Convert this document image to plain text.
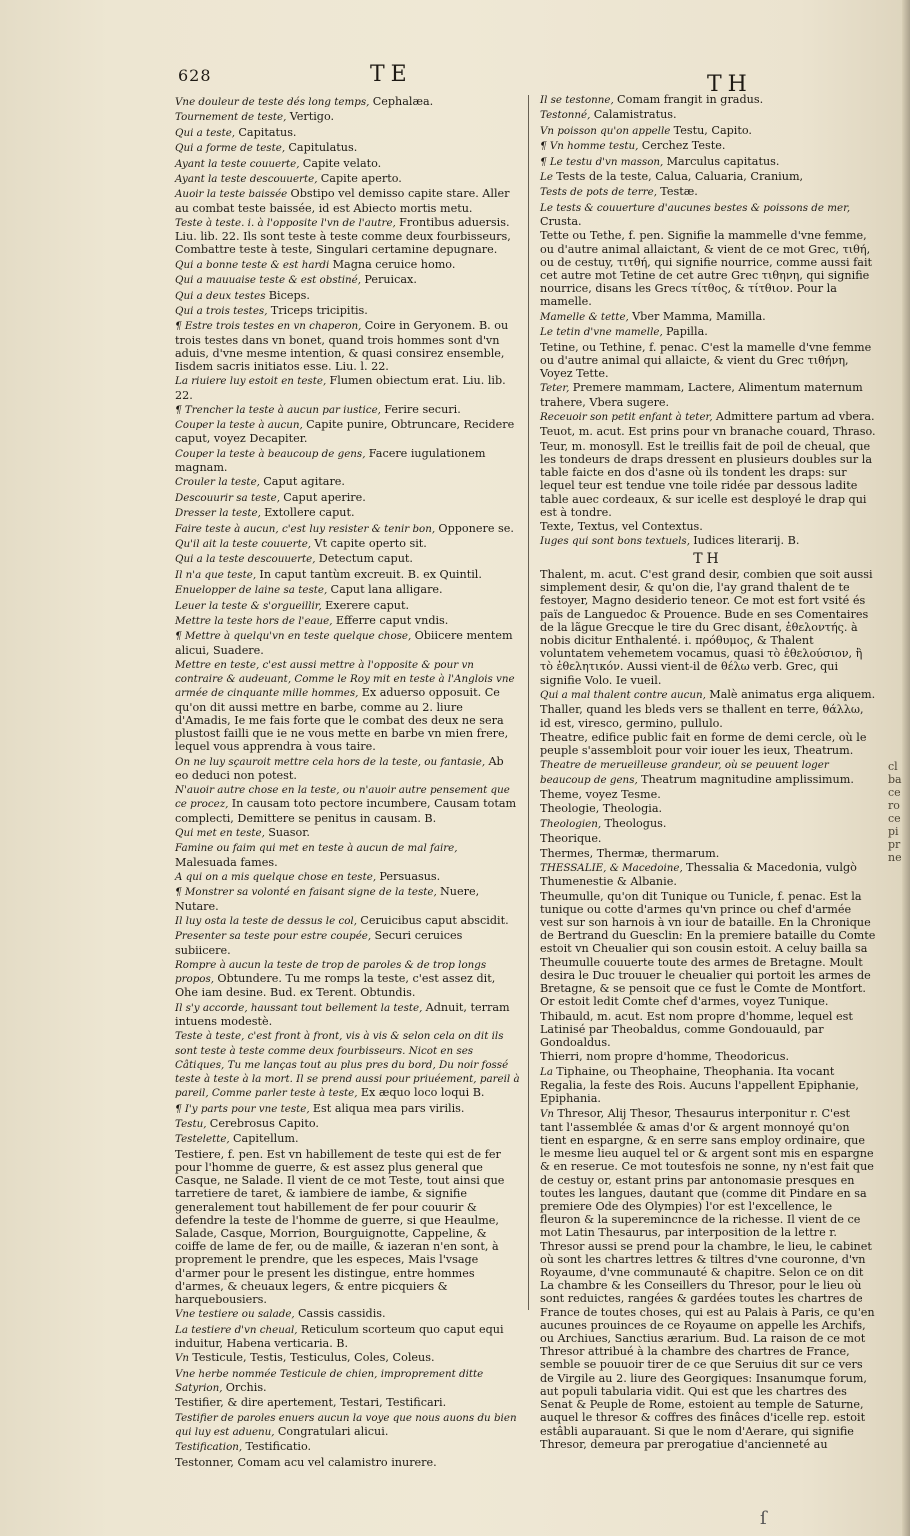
628	TE	TH
Vne douleur de teste dés long temps, Cephalæa.
Tournement de teste, Vertigo.
Qui a teste, Capitatus.
Qui a forme de teste, Capitulatus.
Ayant la teste couuerte, Capite velato.
Ayant la teste descouuerte, Capite aperto.
Auoir la teste baissée Obstipo vel demisso capite stare. Aller au combat teste baissée, id est Abiecto mortis metu.
Teste à teste. i. à l'opposite l'vn de l'autre, Frontibus aduersis. Liu. lib. 22. Ils sont teste à teste comme deux fourbisseurs, Combattre teste à teste, Singulari certamine depugnare.
Qui a bonne teste & est hardi Magna ceruice homo.
Qui a mauuaise teste & est obstiné, Peruicax.
Qui a deux testes Biceps.
Qui a trois testes, Triceps tricipitis.
¶ Estre trois testes en vn chaperon, Coire in Geryonem. B. ou trois testes dans vn bonet, quand trois hommes sont d'vn aduis, d'vne mesme intention, & quasi consirez ensemble, Iisdem sacris initiatos esse. Liu. l. 22.
La riuiere luy estoit en teste, Flumen obiectum erat. Liu. lib. 22.
¶ Trencher la teste à aucun par iustice, Ferire securi.
Couper la teste à aucun, Capite punire, Obtruncare, Recidere caput, voyez Decapiter.
Couper la teste à beaucoup de gens, Facere iugulationem magnam.
Crouler la teste, Caput agitare.
Descouurir sa teste, Caput aperire.
Dresser la teste, Extollere caput.
Faire teste à aucun, c'est luy resister & tenir bon, Opponere se.
Qu'il ait la teste couuerte, Vt capite operto sit.
Qui a la teste descouuerte, Detectum caput.
Il n'a que teste, In caput tantùm excreuit. B. ex Quintil.
Enuelopper de laine sa teste, Caput lana alligare.
Leuer la teste & s'orgueillir, Exerere caput.
Mettre la teste hors de l'eaue, Efferre caput vndis.
¶ Mettre à quelqu'vn en teste quelque chose, Obiicere mentem alicui, Suadere.
Mettre en teste, c'est aussi mettre à l'opposite & pour vn contraire & audeuant, Comme le Roy mit en teste à l'Anglois vne armée de cinquante mille hommes, Ex aduerso opposuit. Ce qu'on dit aussi mettre en barbe, comme au 2. liure d'Amadis, Ie me fais forte que le combat des deux ne sera plustost failli que ie ne vous mette en barbe vn mien frere, lequel vous apprendra à vous taire.
On ne luy sçauroit mettre cela hors de la teste, ou fantasie, Ab eo deduci non potest.
N'auoir autre chose en la teste, ou n'auoir autre pensement que ce procez, In causam toto pectore incumbere, Causam totam complecti, Demittere se penitus in causam. B.
Qui met en teste, Suasor.
Famine ou faim qui met en teste à aucun de mal faire, Malesuada fames.
A qui on a mis quelque chose en teste, Persuasus.
¶ Monstrer sa volonté en faisant signe de la teste, Nuere, Nutare.
Il luy osta la teste de dessus le col, Ceruicibus caput abscidit.
Presenter sa teste pour estre coupée, Securi ceruices subiicere.
Rompre à aucun la teste de trop de paroles & de trop longs propos, Obtundere. Tu me romps la teste, c'est assez dit, Ohe iam desine. Bud. ex Terent. Obtundis.
Il s'y accorde, haussant tout bellement la teste, Adnuit, terram intuens modestè.
Teste à teste, c'est front à front, vis à vis & selon cela on dit ils sont teste à teste comme deux fourbisseurs. Nicot en ses Câtiques, Tu me lanças tout au plus pres du bord, Du noir fossé teste à teste à la mort. Il se prend aussi pour priuéement, pareil à pareil, Comme parler teste à teste, Ex æquo loco loqui B.
¶ I'y parts pour vne teste, Est aliqua mea pars virilis.
Testu, Cerebrosus Capito.
Testelette, Capitellum.
Testiere, f. pen. Est vn habillement de teste qui est de fer pour l'homme de guerre, & est assez plus general que Casque, ne Salade. Il vient de ce mot Teste, tout ainsi que tarretiere de taret, & iambiere de iambe, & signifie generalement tout habillement de fer pour couurir & defendre la teste de l'homme de guerre, si que Heaulme, Salade, Casque, Morrion, Bourguignotte, Cappeline, & coiffe de lame de fer, ou de maille, & iazeran n'en sont, à proprement le prendre, que les especes, Mais l'vsage d'armer pour le present les distingue, entre hommes d'armes, & cheuaux legers, & entre picquiers & harquebousiers.
Vne testiere ou salade, Cassis cassidis.
La testiere d'vn cheual, Reticulum scorteum quo caput equi induitur, Habena verticaria. B.
Vn Testicule, Testis, Testiculus, Coles, Coleus.
Vne herbe nommée Testicule de chien, improprement ditte Satyrion, Orchis.
Testifier, & dire apertement, Testari, Testificari.
Testifier de paroles enuers aucun la voye que nous auons du bien qui luy est aduenu, Congratulari alicui.
Testification, Testificatio.
Testonner, Comam acu vel calamistro inurere.
Il se testonne, Comam frangit in gradus.
Testonné, Calamistratus.
Vn poisson qu'on appelle Testu, Capito.
¶ Vn homme testu, Cerchez Teste.
¶ Le testu d'vn masson, Marculus capitatus.
Le Tests de la teste, Calua, Caluaria, Cranium,
Tests de pots de terre, Testæ.
Le tests & couuerture d'aucunes bestes & poissons de mer, Crusta.
Tette ou Tethe, f. pen. Signifie la mammelle d'vne femme, ou d'autre animal allaictant, & vient de ce mot Grec, τιθή, ou de cestuy, τιτθή, qui signifie nourrice, comme aussi fait cet autre mot Tetine de cet autre Grec τιθηνη, qui signifie nourrice, disans les Grecs τίτθος, & τίτθιον. Pour la mamelle.
Mamelle & tette, Vber Mamma, Mamilla.
Le tetin d'vne mamelle, Papilla.
Tetine, ou Tethine, f. penac. C'est la mamelle d'vne femme ou d'autre animal qui allaicte, & vient du Grec τιθήνη, Voyez Tette.
Teter, Premere mammam, Lactere, Alimentum maternum trahere, Vbera sugere.
Receuoir son petit enfant à teter, Admittere partum ad vbera.
Teuot, m. acut. Est prins pour vn branache couard, Thraso.
Teur, m. monosyll. Est le treillis fait de poil de cheual, que les tondeurs de draps dressent en plusieurs doubles sur la table faicte en dos d'asne où ils tondent les draps: sur lequel teur est tendue vne toile ridée par dessous ladite table auec cordeaux, & sur icelle est desployé le drap qui est à tondre.
Texte, Textus, vel Contextus.
Iuges qui sont bons textuels, Iudices literarij. B.
TH
Thalent, m. acut. C'est grand desir, combien que soit aussi simplement desir, & qu'on die, l'ay grand thalent de te festoyer, Magno desiderio teneor. Ce mot est fort vsité és païs de Languedoc & Prouence. Bude en ses Comentaires de la lãgue Grecque le tire du Grec disant, ἐθελοντής. à nobis dicitur Enthalenté. i. πρόθυμος, & Thalent voluntatem vehemetem vocamus, quasi τὸ ἐθελούσιον, ἢ τὸ ἐθελητικόν. Aussi vient-il de θέλω verb. Grec, qui signifie Volo. Ie vueil.
Qui a mal thalent contre aucun, Malè animatus erga aliquem.
Thaller, quand les bleds vers se thallent en terre, θάλλω, id est, viresco, germino, pullulo.
Theatre, edifice public fait en forme de demi cercle, où le peuple s'assembloit pour voir iouer les ieux, Theatrum.
Theatre de merueilleuse grandeur, où se peuuent loger beaucoup de gens, Theatrum magnitudine amplissimum.
Theme, voyez Tesme.
Theologie, Theologia.
Theologien, Theologus.
Theorique.
Thermes, Thermæ, thermarum.
THESSALIE, & Macedoine, Thessalia & Macedonia, vulgò Thumenestie & Albanie.
Theumulle, qu'on dit Tunique ou Tunicle, f. penac. Est la tunique ou cotte d'armes qu'vn prince ou chef d'armée vest sur son harnois à vn iour de bataille. En la Chronique de Bertrand du Guesclin: En la premiere bataille du Comte estoit vn Cheualier qui son cousin estoit. A celuy bailla sa Theumulle couuerte toute des armes de Bretagne. Moult desira le Duc trouuer le cheualier qui portoit les armes de Bretagne, & se pensoit que ce fust le Comte de Montfort. Or estoit ledit Comte chef d'armes, voyez Tunique.
Thibauld, m. acut. Est nom propre d'homme, lequel est Latinisé par Theobaldus, comme Gondouauld, par Gondoaldus.
Thierri, nom propre d'homme, Theodoricus.
La Tiphaine, ou Theophaine, Theophania. Ita vocant Regalia, la feste des Rois. Aucuns l'appellent Epiphanie, Epiphania.
Vn Thresor, Alij Thesor, Thesaurus interponitur r. C'est tant l'assemblée & amas d'or & argent monnoyé qu'on tient en espargne, & en serre sans employ ordinaire, que le mesme lieu auquel tel or & argent sont mis en espargne & en reserue. Ce mot toutesfois ne sonne, ny n'est fait que de cestuy or, estant prins par antonomasie presques en toutes les langues, dautant que (comme dit Pindare en sa premiere Ode des Olympies) l'or est l'excellence, le fleuron & la superemincnce de la richesse. Il vient de ce mot Latin Thesaurus, par interposition de la lettre r. Thresor aussi se prend pour la chambre, le lieu, le cabinet où sont les chartres lettres & tiltres d'vne couronne, d'vn Royaume, d'vne communauté & chapitre. Selon ce on dit La chambre & les Conseillers du Thresor, pour le lieu où sont reduictes, rangées & gardées toutes les chartres de France de toutes choses, qui est au Palais à Paris, ce qu'en aucunes prouinces de ce Royaume on appelle les Archifs, ou Archiues, Sanctius ærarium. Bud. La raison de ce mot Thresor attribué à la chambre des chartres de France, semble se pouuoir tirer de ce que Seruius dit sur ce vers de Virgile au 2. liure des Georgiques: Insanumque forum, aut populi tabularia vidit. Qui est que les chartres des Senat & Peuple de Rome, estoient au temple de Saturne, auquel le thresor & coffres des finâces d'icelle rep. estoit estâbli auparauant. Si que le nom d'Aerare, qui signifie Thresor, demeura par prerogatiue d'ancienneté au
cl ba ce ro ce pi pr ne
ſ
